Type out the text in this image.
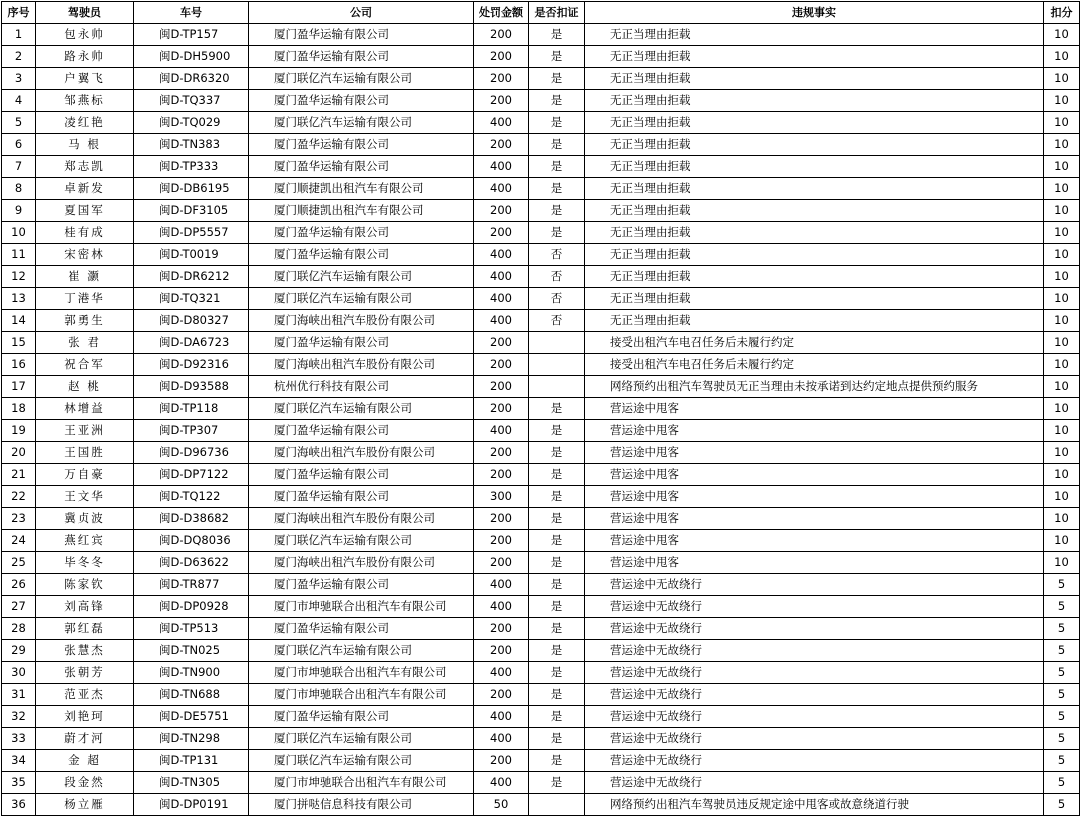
序号	驾驶员	车号	公司	处罚金额	是否扣证	违规事实	扣分
1	包永帅	闽D-TP157	厦门盈华运输有限公司	200	是	无正当理由拒载	10
2	路永帅	闽D-DH5900	厦门盈华运输有限公司	200	是	无正当理由拒载	10
3	户翼飞	闽D-DR6320	厦门联亿汽车运输有限公司	200	是	无正当理由拒载	10
4	邹燕标	闽D-TQ337	厦门盈华运输有限公司	200	是	无正当理由拒载	10
5	凌红艳	闽D-TQ029	厦门联亿汽车运输有限公司	400	是	无正当理由拒载	10
6	马 根	闽D-TN383	厦门盈华运输有限公司	200	是	无正当理由拒载	10
7	郑志凯	闽D-TP333	厦门盈华运输有限公司	400	是	无正当理由拒载	10
8	卓新发	闽D-DB6195	厦门顺捷凯出租汽车有限公司	400	是	无正当理由拒载	10
9	夏国军	闽D-DF3105	厦门顺捷凯出租汽车有限公司	200	是	无正当理由拒载	10
10	桂有成	闽D-DP5557	厦门盈华运输有限公司	200	是	无正当理由拒载	10
11	宋密林	闽D-T0019	厦门盈华运输有限公司	400	否	无正当理由拒载	10
12	崔 灏	闽D-DR6212	厦门联亿汽车运输有限公司	400	否	无正当理由拒载	10
13	丁港华	闽D-TQ321	厦门联亿汽车运输有限公司	400	否	无正当理由拒载	10
14	郭勇生	闽D-D80327	厦门海峡出租汽车股份有限公司	400	否	无正当理由拒载	10
15	张 君	闽D-DA6723	厦门盈华运输有限公司	200		接受出租汽车电召任务后未履行约定	10
16	祝合军	闽D-D92316	厦门海峡出租汽车股份有限公司	200		接受出租汽车电召任务后未履行约定	10
17	赵 桃	闽D-D93588	杭州优行科技有限公司	200		网络预约出租汽车驾驶员无正当理由未按承诺到达约定地点提供预约服务	10
18	林增益	闽D-TP118	厦门联亿汽车运输有限公司	200	是	营运途中甩客	10
19	王亚洲	闽D-TP307	厦门盈华运输有限公司	400	是	营运途中甩客	10
20	王国胜	闽D-D96736	厦门海峡出租汽车股份有限公司	200	是	营运途中甩客	10
21	万自豪	闽D-DP7122	厦门盈华运输有限公司	200	是	营运途中甩客	10
22	王文华	闽D-TQ122	厦门盈华运输有限公司	300	是	营运途中甩客	10
23	冀贞波	闽D-D38682	厦门海峡出租汽车股份有限公司	200	是	营运途中甩客	10
24	燕红宾	闽D-DQ8036	厦门联亿汽车运输有限公司	200	是	营运途中甩客	10
25	毕冬冬	闽D-D63622	厦门海峡出租汽车股份有限公司	200	是	营运途中甩客	10
26	陈家钦	闽D-TR877	厦门盈华运输有限公司	400	是	营运途中无故绕行	5
27	刘高锋	闽D-DP0928	厦门市坤驰联合出租汽车有限公司	400	是	营运途中无故绕行	5
28	郭红磊	闽D-TP513	厦门盈华运输有限公司	200	是	营运途中无故绕行	5
29	张慧杰	闽D-TN025	厦门联亿汽车运输有限公司	200	是	营运途中无故绕行	5
30	张朝芳	闽D-TN900	厦门市坤驰联合出租汽车有限公司	400	是	营运途中无故绕行	5
31	范亚杰	闽D-TN688	厦门市坤驰联合出租汽车有限公司	200	是	营运途中无故绕行	5
32	刘艳珂	闽D-DE5751	厦门盈华运输有限公司	400	是	营运途中无故绕行	5
33	蔚才河	闽D-TN298	厦门联亿汽车运输有限公司	400	是	营运途中无故绕行	5
34	金 超	闽D-TP131	厦门联亿汽车运输有限公司	200	是	营运途中无故绕行	5
35	段金然	闽D-TN305	厦门市坤驰联合出租汽车有限公司	400	是	营运途中无故绕行	5
36	杨立雁	闽D-DP0191	厦门拼哒信息科技有限公司	50		网络预约出租汽车驾驶员违反规定途中甩客或故意绕道行驶	5
